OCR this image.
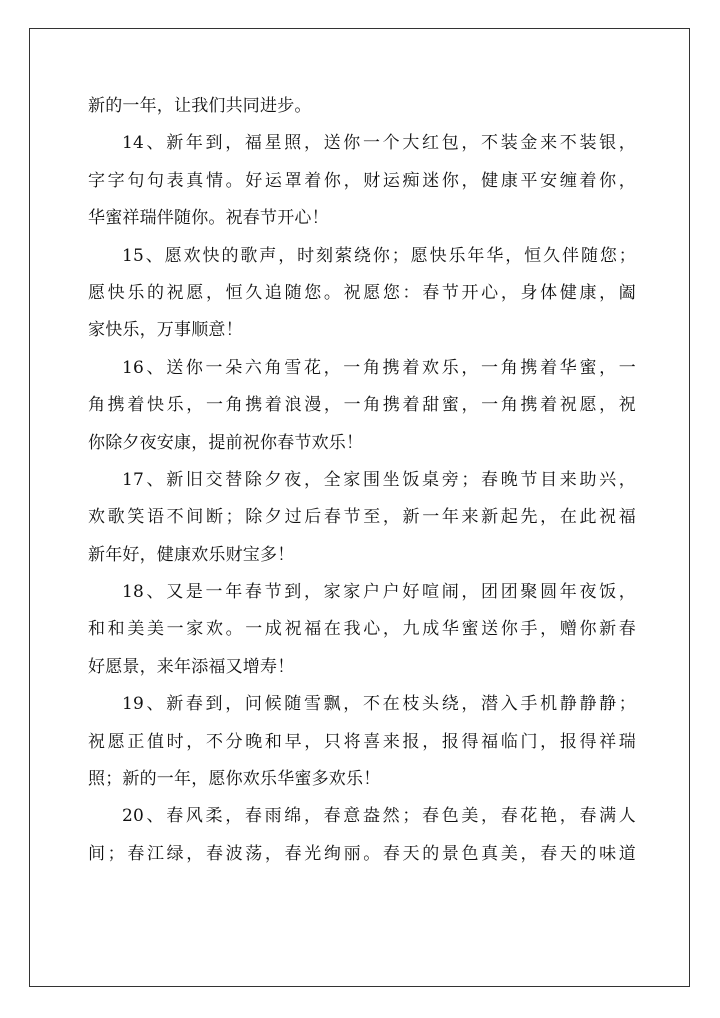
新的一年，让我们共同进步。
14、新年到，福星照，送你一个大红包，不装金来不装银，
字字句句表真情。好运罩着你，财运痴迷你，健康平安缠着你，
华蜜祥瑞伴随你。祝春节开心！
15、愿欢快的歌声，时刻萦绕你；愿快乐年华，恒久伴随您；
愿快乐的祝愿，恒久追随您。祝愿您：春节开心，身体健康，阖
家快乐，万事顺意！
16、送你一朵六角雪花，一角携着欢乐，一角携着华蜜，一
角携着快乐，一角携着浪漫，一角携着甜蜜，一角携着祝愿，祝
你除夕夜安康，提前祝你春节欢乐！
17、新旧交替除夕夜，全家围坐饭桌旁；春晚节目来助兴，
欢歌笑语不间断；除夕过后春节至，新一年来新起先，在此祝福
新年好，健康欢乐财宝多！
18、又是一年春节到，家家户户好喧闹，团团聚圆年夜饭，
和和美美一家欢。一成祝福在我心，九成华蜜送你手，赠你新春
好愿景，来年添福又增寿！
19、新春到，问候随雪飘，不在枝头绕，潜入手机静静静；
祝愿正值时，不分晚和早，只将喜来报，报得福临门，报得祥瑞
照；新的一年，愿你欢乐华蜜多欢乐！
20、春风柔，春雨绵，春意盎然；春色美，春花艳，春满人
间；春江绿，春波荡，春光绚丽。春天的景色真美，春天的味道
